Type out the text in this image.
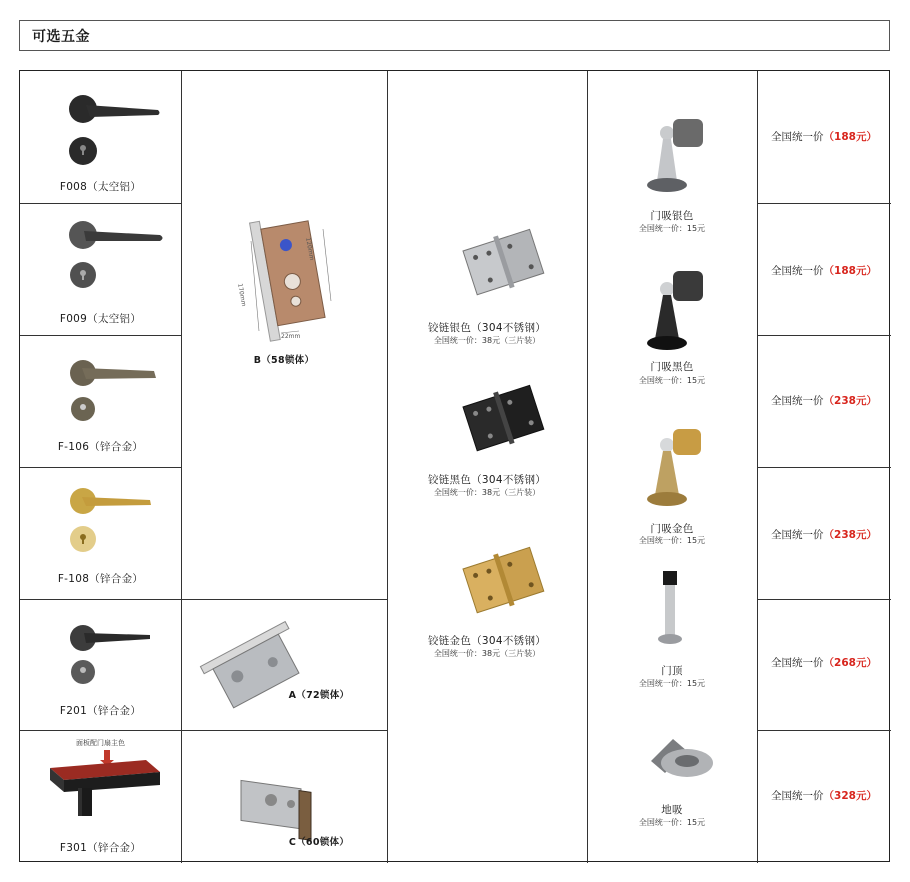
可选五金
F008（太空铝）
F009（太空铝）
F-106（锌合金）
F-108（锌合金）
F201（锌合金）
面板配门扇主色
F301（锌合金）
120mm
170mm
22mm
B（58锁体）
A（72锁体）
C（60锁体）
铰链银色（304不锈钢）
全国统一价：38元（三片装）
铰链黑色（304不锈钢）
全国统一价：38元（三片装）
铰链金色（304不锈钢）
全国统一价：38元（三片装）
门吸银色
全国统一价：15元
门吸黑色
全国统一价：15元
门吸金色
全国统一价：15元
门顶
全国统一价：15元
地吸
全国统一价：15元
全国统一价（188元）
全国统一价（188元）
全国统一价（238元）
全国统一价（238元）
全国统一价（268元）
全国统一价（328元）
